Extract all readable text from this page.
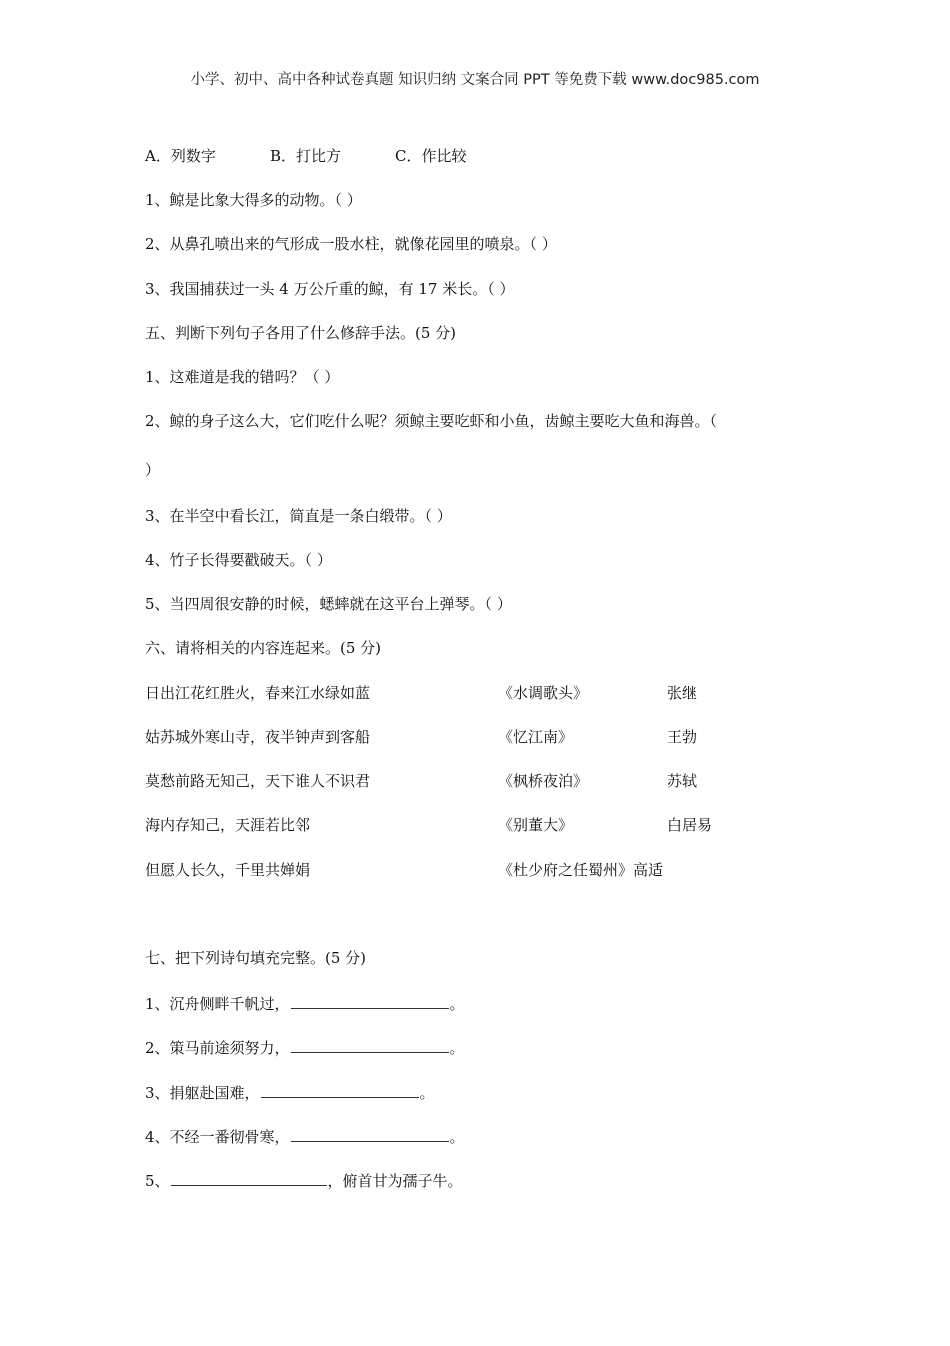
小学、初中、高中各种试卷真题 知识归纳 文案合同 PPT 等免费下载 www.doc985.com
A．列数字	B．打比方	C．作比较
1、鲸是比象大得多的动物。（ ）
2、从鼻孔喷出来的气形成一股水柱，就像花园里的喷泉。（ ）
3、我国捕获过一头 4 万公斤重的鲸，有 17 米长。（ ）
五、判断下列句子各用了什么修辞手法。(5 分)
1、这难道是我的错吗？（ ）
2、鲸的身子这么大，它们吃什么呢？须鲸主要吃虾和小鱼，齿鲸主要吃大鱼和海兽。（
）
3、在半空中看长江，简直是一条白缎带。（ ）
4、竹子长得要戳破天。（ ）
5、当四周很安静的时候，蟋蟀就在这平台上弹琴。（ ）
六、请将相关的内容连起来。(5 分)
日出江花红胜火，春来江水绿如蓝	《水调歌头》	张继
姑苏城外寒山寺，夜半钟声到客船	《忆江南》	王勃
莫愁前路无知己，天下谁人不识君	《枫桥夜泊》	苏轼
海内存知己，天涯若比邻	《别董大》	白居易
但愿人长久，千里共婵娟	《杜少府之任蜀州》高适
七、把下列诗句填充完整。(5 分)
1、沉舟侧畔千帆过，	。
2、策马前途须努力，	。
3、捐躯赴国难，	。
4、不经一番彻骨寒，	。
5、	，俯首甘为孺子牛。
